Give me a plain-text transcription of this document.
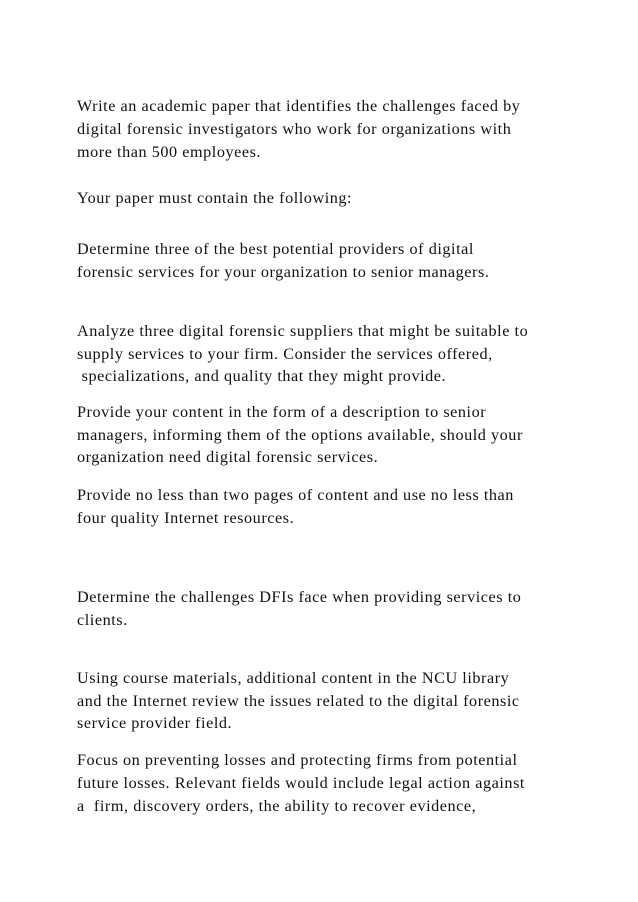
Write an academic paper that identifies the challenges faced by
digital forensic investigators who work for organizations with
more than 500 employees.
Your paper must contain the following:
Determine three of the best potential providers of digital
forensic services for your organization to senior managers.
Analyze three digital forensic suppliers that might be suitable to
supply services to your firm. Consider the services offered,
specializations, and quality that they might provide.
Provide your content in the form of a description to senior
managers, informing them of the options available, should your
organization need digital forensic services.
Provide no less than two pages of content and use no less than
four quality Internet resources.
Determine the challenges DFIs face when providing services to
clients.
Using course materials, additional content in the NCU library
and the Internet review the issues related to the digital forensic
service provider field.
Focus on preventing losses and protecting firms from potential
future losses. Relevant fields would include legal action against
a  firm, discovery orders, the ability to recover evidence,
